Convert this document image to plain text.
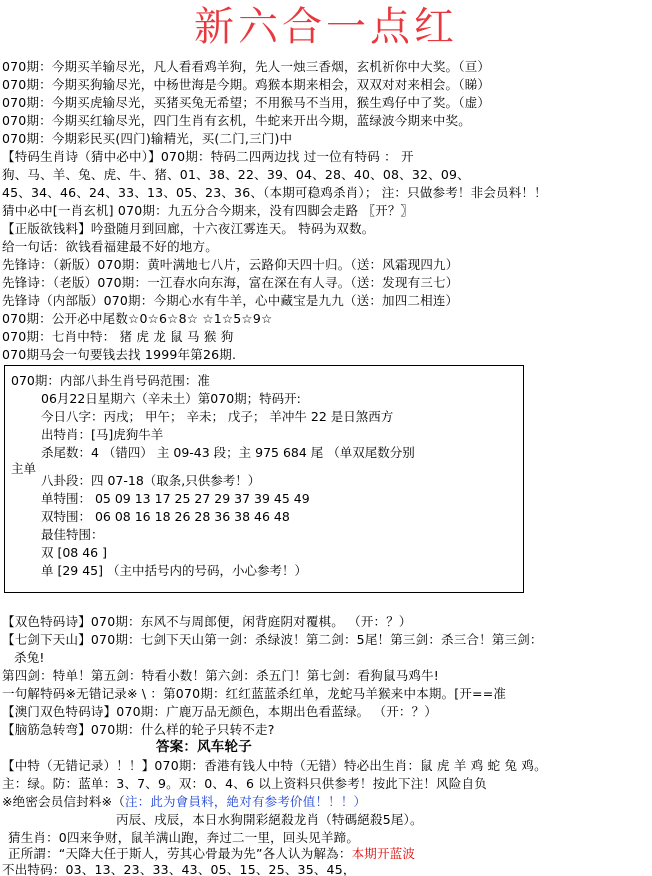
新六合一点红
070期：今期买羊输尽光，凡人看看鸡羊狗，先人一烛三香烟，玄机祈你中大奖。（亘）
070期：今期买狗输尽光，中杨世海是今期。鸡猴本期来相会，双双对对来相会。（睇）
070期：今期买虎输尽光，买猪买兔无希望；不用猴马不当用，猴生鸡仔中了奖。（虚）
070期：今期买红输尽光，四门生肖有玄机，牛蛇来开出今期，蓝绿波今期来中奖。
070期：今期彩民买(四门)输精光，买(二门,三门)中
【特码生肖诗（猜中必中）】070期：特码二四两边找 过一位有特码 ： 开
狗、马、羊、兔、虎、牛、猪、01、38、22、39、04、28、40、08、32、09、
45、34、46、24、33、13、05、23、36、（本期可稳鸡杀肖）； 注：只做参考！非会员料！！
猜中必中[一肖玄机] 070期：九五分合今期来，没有四脚会走路 〖开？〗
【正版欲钱料】吟蛩随月到回廊，十六夜江雾连天。 特码为双数。
给一句话：欲钱看福建最不好的地方。
先锋诗：（新版）070期：黄叶满地七八片，云路仰天四十归。（送：风霜现四九）
先锋诗：（老版）070期：一江春水向东海，富在深在有人寻。（送：发现有三七）
先锋诗（内部版）070期：今期心水有牛羊，心中藏宝是九九（送：加四二相连）
070期：公开必中尾数☆0☆6☆8☆ ☆1☆5☆9☆
070期：七肖中特： 猪 虎 龙 鼠 马 猴 狗
070期马会一句要钱去找 1999年第26期.
070期：内部八卦生肖号码范围：准
06月22日星期六（辛未土）第070期；特码开:
今日八字：丙戌； 甲午； 辛未； 戊子； 羊冲牛 22 是日煞西方
出特肖：[马]虎狗牛羊
杀尾数：4 （错四） 主 09-43 段；主 975 684 尾 （单双尾数分别
主单
八卦段：四 07-18（取条,只供参考！）
单特围： 05 09 13 17 25 27 29 37 39 45 49
双特围： 06 08 16 18 26 28 36 38 46 48
最佳特围：
双 [08 46 ]
单 [29 45] （主中括号内的号码，小心参考！）
【双色特码诗】070期：东风不与周郎便，闲背庭阴对覆棋。 （开：？）
【七剑下天山】070期：七剑下天山第一剑：杀绿波！第二剑：5尾！第三剑：杀三合！第三剑：
杀兔!
第四剑：特单！第五剑：特看小数！第六剑：杀五门！第七剑：看狗鼠马鸡牛!
一句解特码※无错记录※ \ ：第070期：红红蓝蓝杀红单，龙蛇马羊猴来中本期。[开==准
【澳门双色特码诗】070期：广鹿万品无颜色，本期出色看蓝绿。 （开：？）
【脑筋急转弯】070期：什么样的轮子只转不走?
答案：风车轮子
【中特（无错记录）！！】070期：香港有钱人中特（无错）特必出生肖：鼠 虎 羊 鸡 蛇 兔 鸡。
主：绿。防：蓝单：3、7、9。双：0、4、6 以上资料只供参考！按此下注！风险自负
※绝密会员信封料※（注：此为會員料，絶对有参考价值！！！）
丙辰、戌辰，本日水狗開彩絕殺龙肖（特碼絕殺5尾）。
猜生肖：0四来争财，鼠羊满山跑，奔过二一里，回头见羊蹄。
正所謂：“天降大任于斯人，劳其心骨最为先”各人认为解為：本期开蓝波
不出特码：03、13、23、33、43、05、15、25、35、45，
